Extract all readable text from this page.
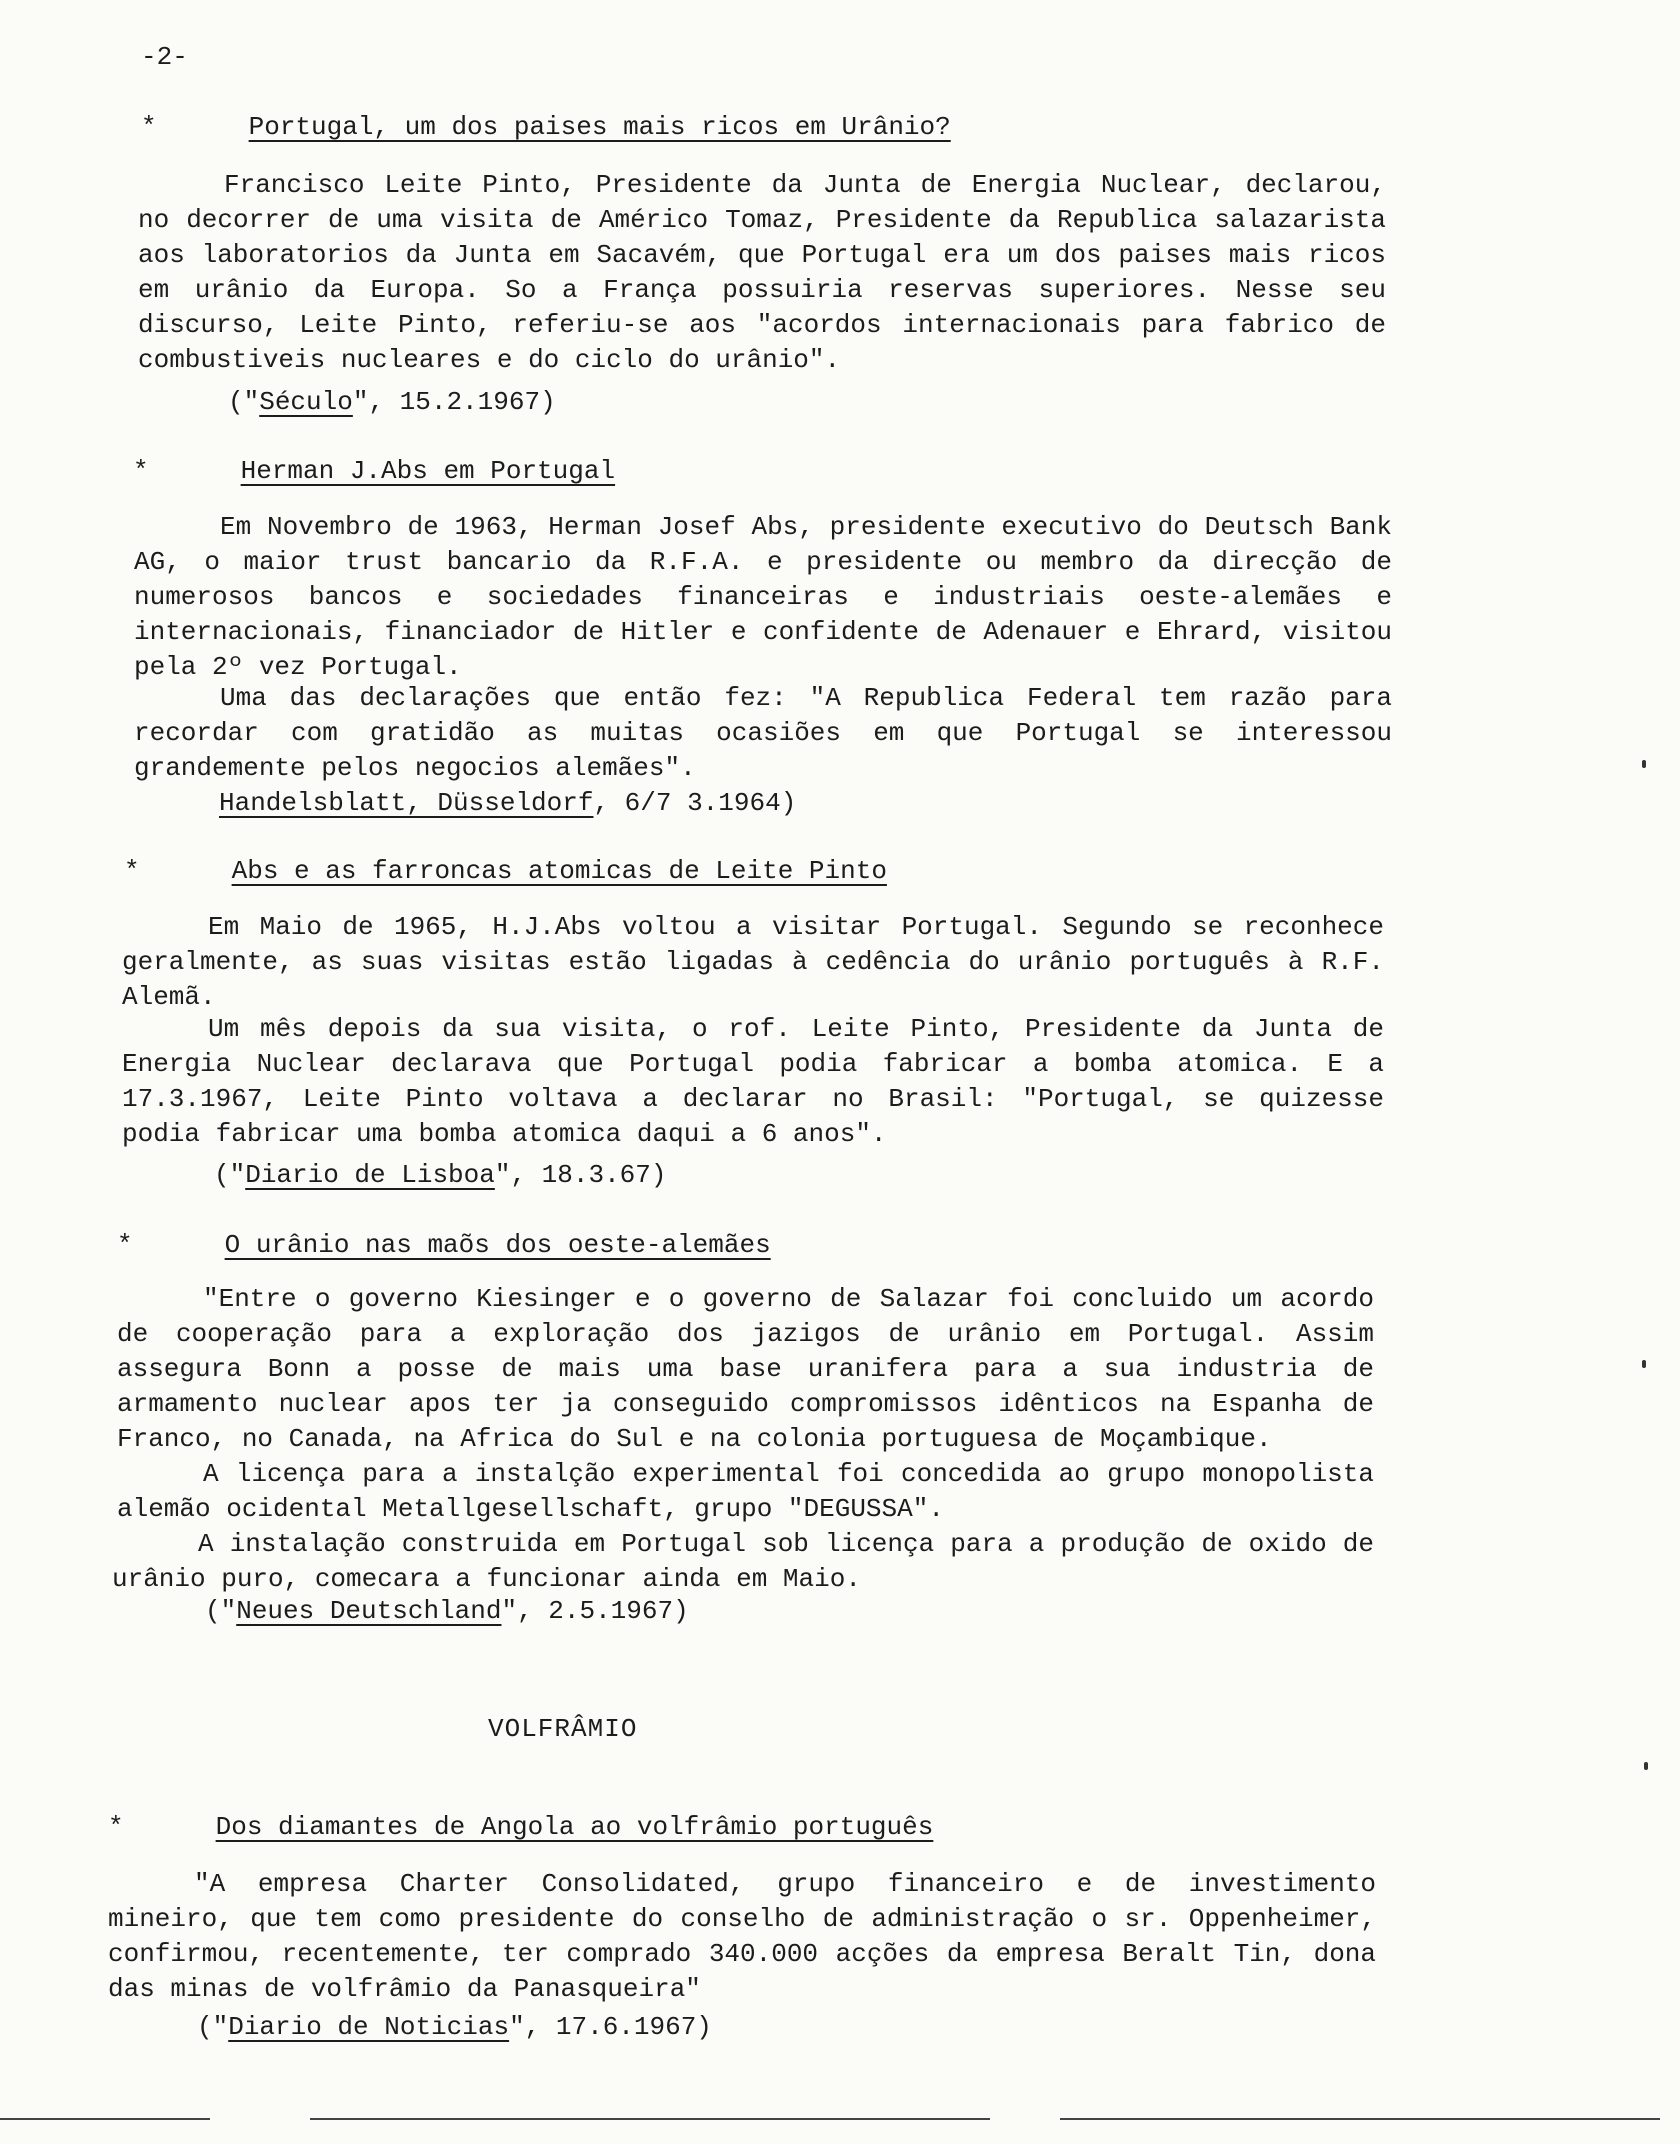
-2-
*	Portugal, um dos paises mais ricos em Urânio?

Francisco Leite Pinto, Presidente da Junta de Energia Nuclear, declarou, no decorrer de uma visita de Américo Tomaz, Presidente da Republica salazarista aos laboratorios da Junta em Sacavém, que Portugal era um dos paises mais ricos em urânio da Europa. So a França possuiria reservas superiores. Nesse seu discurso, Leite Pinto, referiu-se aos "acordos internacionais para fabrico de combustiveis nucleares e do ciclo do urânio".

("Século", 15.2.1967)
*	Herman J.Abs em Portugal

Em Novembro de 1963, Herman Josef Abs, presidente executivo do Deutsch Bank AG, o maior trust bancario da R.F.A. e presidente ou membro da direcção de numerosos bancos e sociedades financeiras e industriais oeste-alemães e internacionais, financiador de Hitler e confidente de Adenauer e Ehrard, visitou pela 2º vez Portugal.

Uma das declarações que então fez: "A Republica Federal tem razão para recordar com gratidão as muitas ocasiões em que Portugal se interessou grandemente pelos negocios alemães".

Handelsblatt, Düsseldorf, 6/7 3.1964)
*	Abs e as farroncas atomicas de Leite Pinto

Em Maio de 1965, H.J.Abs voltou a visitar Portugal. Segundo se reconhece geralmente, as suas visitas estão ligadas à cedência do urânio português à R.F. Alemã.

Um mês depois da sua visita, o rof. Leite Pinto, Presidente da Junta de Energia Nuclear declarava que Portugal podia fabricar a bomba atomica. E a 17.3.1967, Leite Pinto voltava a declarar no Brasil: "Portugal, se quizesse podia fabricar uma bomba atomica daqui a 6 anos".

("Diario de Lisboa", 18.3.67)
*	O urânio nas maõs dos oeste-alemães

"Entre o governo Kiesinger e o governo de Salazar foi concluido um acordo de cooperação para a exploração dos jazigos de urânio em Portugal. Assim assegura Bonn a posse de mais uma base uranifera para a sua industria de armamento nuclear apos ter ja conseguido compromissos idênticos na Espanha de Franco, no Canada, na Africa do Sul e na colonia portuguesa de Moçambique.

A licença para a instalção experimental foi concedida ao grupo monopolista alemão ocidental Metallgesellschaft, grupo "DEGUSSA".

A instalação construida em Portugal sob licença para a produção de oxido de urânio puro, comecara a funcionar ainda em Maio.

("Neues Deutschland", 2.5.1967)
VOLFRÂMIO
*	Dos diamantes de Angola ao volfrâmio português

"A empresa Charter Consolidated, grupo financeiro e de investimento mineiro, que tem como presidente do conselho de administração o sr. Oppenheimer, confirmou, recentemente, ter comprado 340.000 acções da empresa Beralt Tin, dona das minas de volfrâmio da Panasqueira"

("Diario de Noticias", 17.6.1967)
